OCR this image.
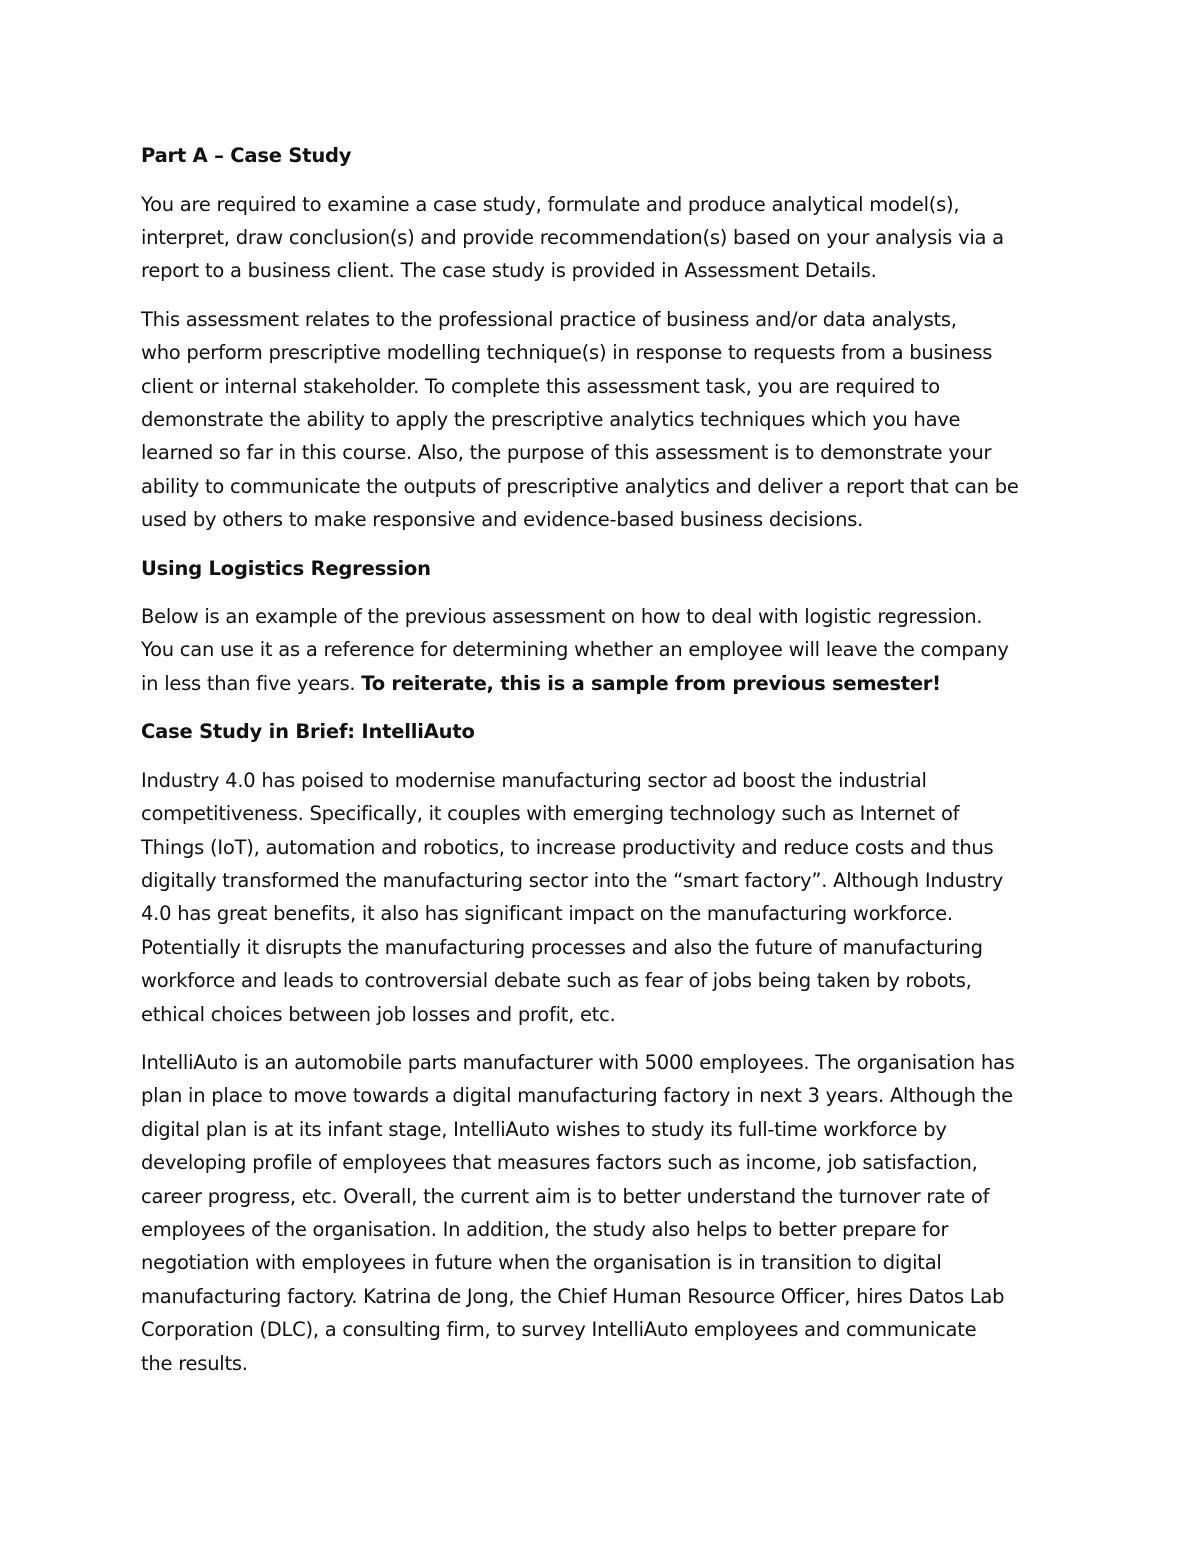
Part A – Case Study
You are required to examine a case study, formulate and produce analytical model(s),
interpret, draw conclusion(s) and provide recommendation(s) based on your analysis via a
report to a business client. The case study is provided in Assessment Details.
This assessment relates to the professional practice of business and/or data analysts,
who perform prescriptive modelling technique(s) in response to requests from a business
client or internal stakeholder. To complete this assessment task, you are required to
demonstrate the ability to apply the prescriptive analytics techniques which you have
learned so far in this course. Also, the purpose of this assessment is to demonstrate your
ability to communicate the outputs of prescriptive analytics and deliver a report that can be
used by others to make responsive and evidence-based business decisions.
Using Logistics Regression
Below is an example of the previous assessment on how to deal with logistic regression.
You can use it as a reference for determining whether an employee will leave the company
in less than five years. To reiterate, this is a sample from previous semester!
Case Study in Brief: IntelliAuto
Industry 4.0 has poised to modernise manufacturing sector ad boost the industrial
competitiveness. Specifically, it couples with emerging technology such as Internet of
Things (IoT), automation and robotics, to increase productivity and reduce costs and thus
digitally transformed the manufacturing sector into the “smart factory”. Although Industry
4.0 has great benefits, it also has significant impact on the manufacturing workforce.
Potentially it disrupts the manufacturing processes and also the future of manufacturing
workforce and leads to controversial debate such as fear of jobs being taken by robots,
ethical choices between job losses and profit, etc.
IntelliAuto is an automobile parts manufacturer with 5000 employees. The organisation has
plan in place to move towards a digital manufacturing factory in next 3 years. Although the
digital plan is at its infant stage, IntelliAuto wishes to study its full-time workforce by
developing profile of employees that measures factors such as income, job satisfaction,
career progress, etc. Overall, the current aim is to better understand the turnover rate of
employees of the organisation. In addition, the study also helps to better prepare for
negotiation with employees in future when the organisation is in transition to digital
manufacturing factory. Katrina de Jong, the Chief Human Resource Officer, hires Datos Lab
Corporation (DLC), a consulting firm, to survey IntelliAuto employees and communicate
the results.
